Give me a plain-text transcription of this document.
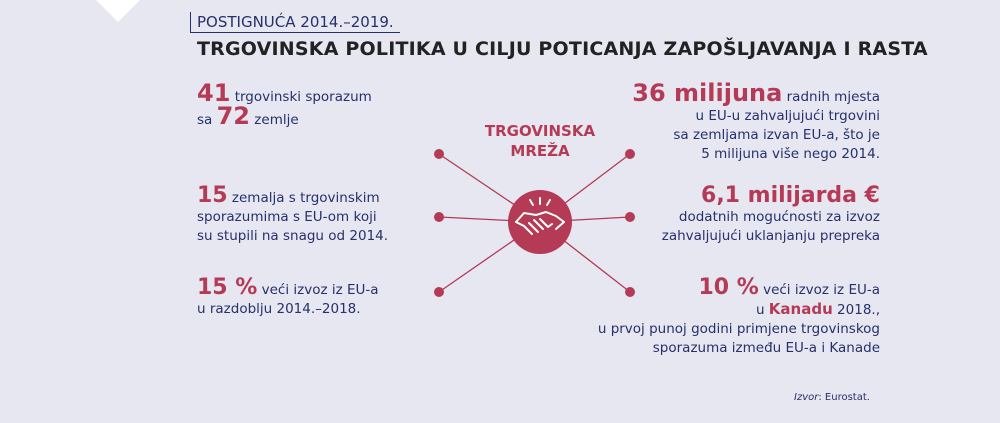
POSTIGNUĆA 2014.–2019.
TRGOVINSKA POLITIKA U CILJU POTICANJA ZAPOŠLJAVANJA I RASTA
41 trgovinski sporazum
sa 72 zemlje
15 zemalja s trgovinskim
sporazumima s EU-om koji
su stupili na snagu od 2014.
15 % veći izvoz iz EU-a
u razdoblju 2014.–2018.
36 milijuna radnih mjesta
u EU-u zahvaljujući trgovini
sa zemljama izvan EU-a, što je
5 milijuna više nego 2014.
6,1 milijarda €
dodatnih mogućnosti za izvoz
zahvaljujući uklanjanju prepreka
10 % veći izvoz iz EU-a
u Kanadu 2018.,
u prvoj punoj godini primjene trgovinskog
sporazuma između EU-a i Kanade
TRGOVINSKA
MREŽA
Izvor: Eurostat.
